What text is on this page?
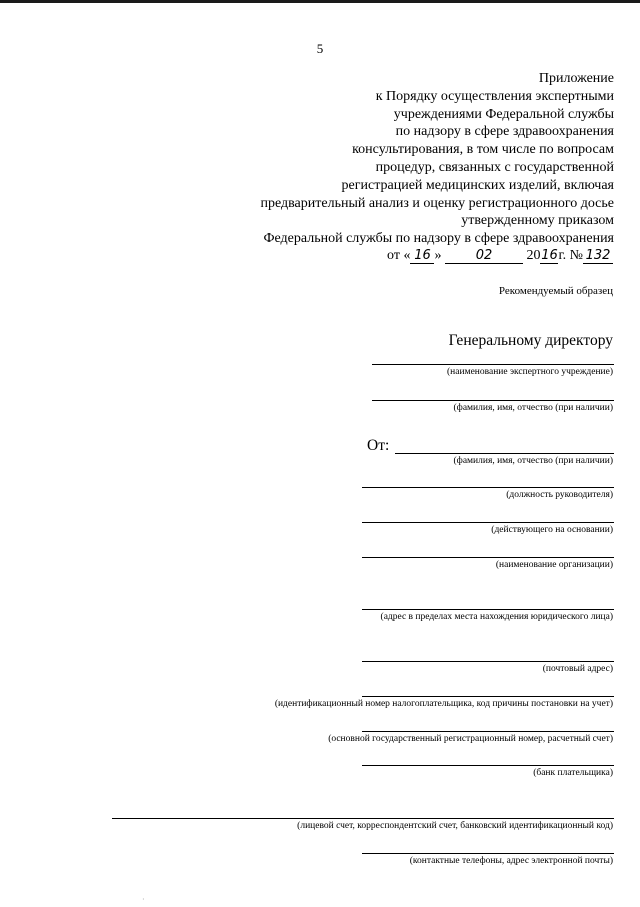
5
Приложение
к Порядку осуществления экспертными
учреждениями Федеральной службы
по надзору в сфере здравоохранения
консультирования, в том числе по вопросам
процедур, связанных с государственной
регистрацией медицинских изделий, включая
предварительный анализ и оценку регистрационного досье
утвержденному приказом
Федеральной службы по надзору в сфере здравоохранения
от « 16 »	02 2016г. № 132
Рекомендуемый образец
Генеральному директору
(наименование экспертного учреждение)
(фамилия, имя, отчество (при наличии)
От:
(фамилия, имя, отчество (при наличии)
(должность руководителя)
(действующего на основании)
(наименование организации)
(адрес в пределах места нахождения юридического лица)
(почтовый адрес)
(идентификационный номер налогоплательщика, код причины постановки на учет)
(основной государственный регистрационный номер, расчетный счет)
(банк плательщика)
(лицевой счет, корреспондентский счет, банковский идентификационный код)
(контактные телефоны, адрес электронной почты)
·
